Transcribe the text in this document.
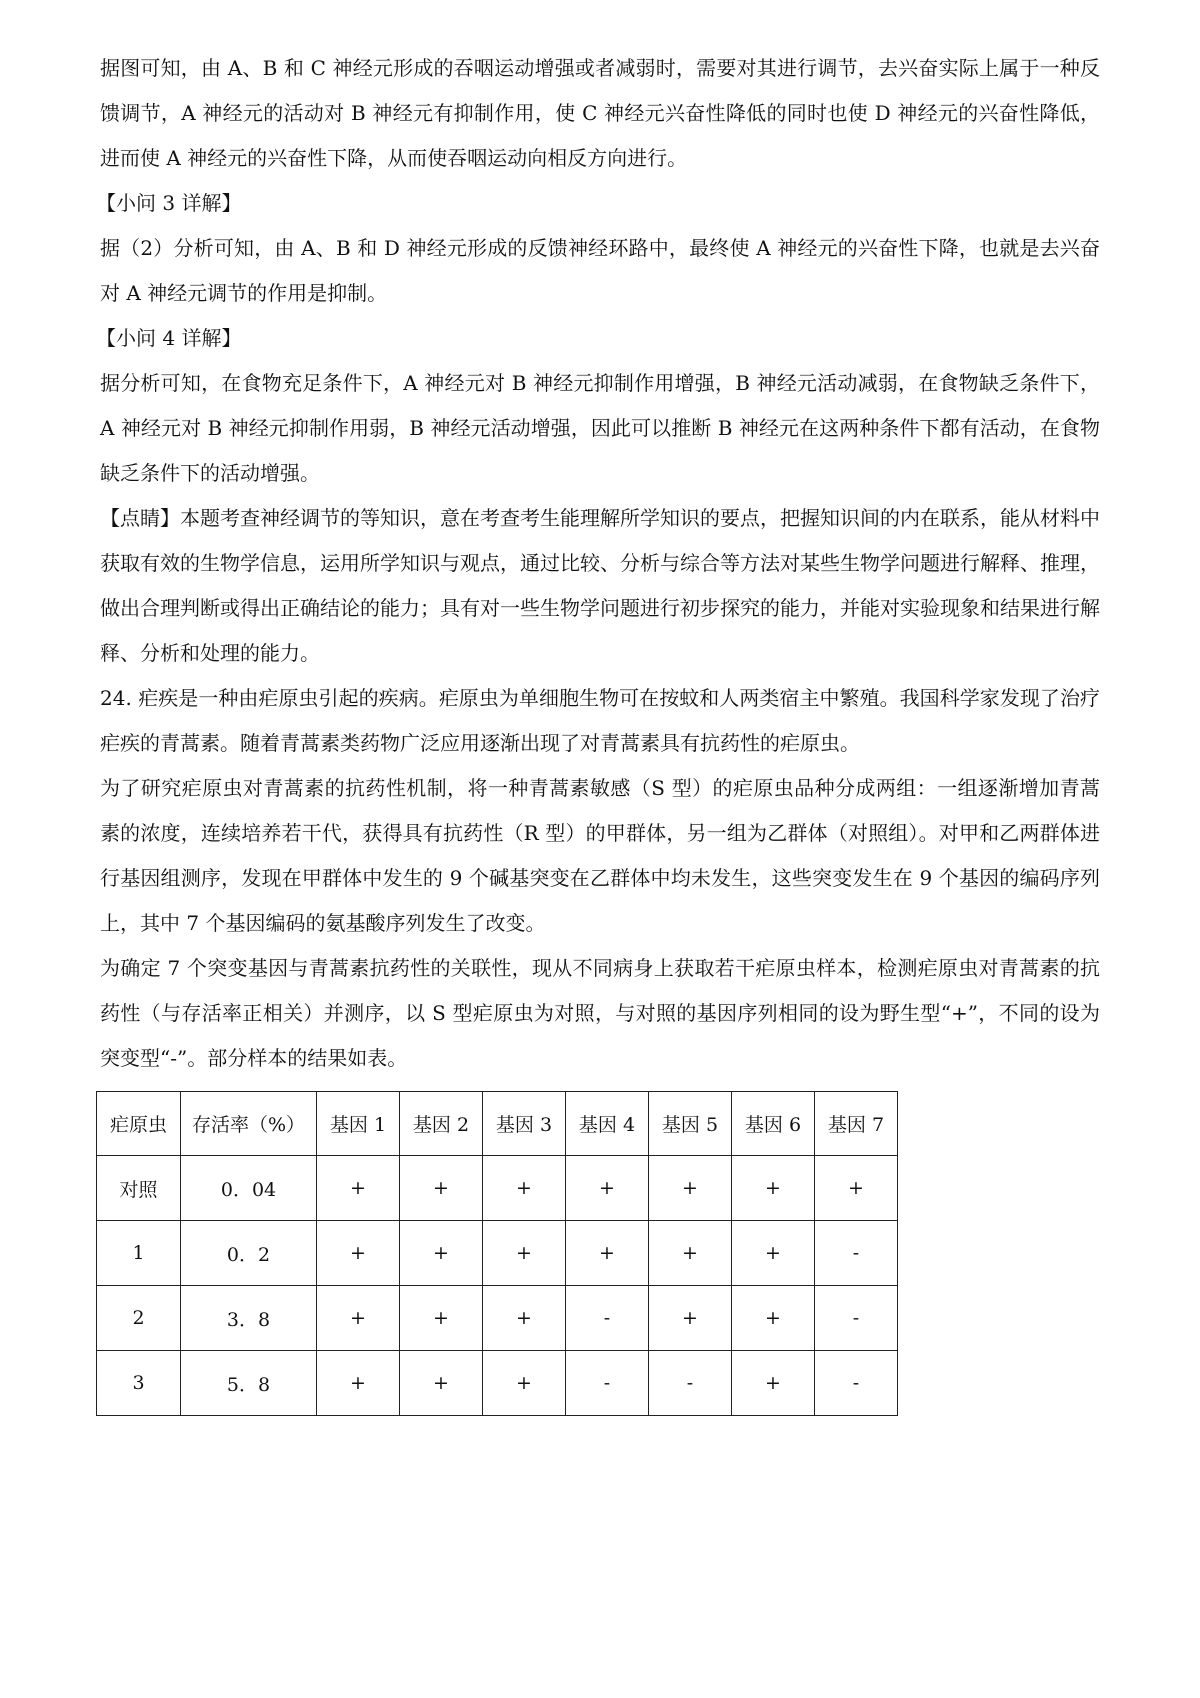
据图可知，由 A、B 和 C 神经元形成的吞咽运动增强或者减弱时，需要对其进行调节，去兴奋实际上属于一种反馈调节，A 神经元的活动对 B 神经元有抑制作用，使 C 神经元兴奋性降低的同时也使 D 神经元的兴奋性降低，进而使 A 神经元的兴奋性下降，从而使吞咽运动向相反方向进行。

【小问 3 详解】

据（2）分析可知，由 A、B 和 D 神经元形成的反馈神经环路中，最终使 A 神经元的兴奋性下降，也就是去兴奋对 A 神经元调节的作用是抑制。

【小问 4 详解】

据分析可知，在食物充足条件下，A 神经元对 B 神经元抑制作用增强，B 神经元活动减弱，在食物缺乏条件下，A 神经元对 B 神经元抑制作用弱，B 神经元活动增强，因此可以推断 B 神经元在这两种条件下都有活动，在食物缺乏条件下的活动增强。

【点睛】本题考查神经调节的等知识，意在考查考生能理解所学知识的要点，把握知识间的内在联系，能从材料中获取有效的生物学信息，运用所学知识与观点，通过比较、分析与综合等方法对某些生物学问题进行解释、推理，做出合理判断或得出正确结论的能力；具有对一些生物学问题进行初步探究的能力，并能对实验现象和结果进行解释、分析和处理的能力。

24. 疟疾是一种由疟原虫引起的疾病。疟原虫为单细胞生物可在按蚊和人两类宿主中繁殖。我国科学家发现了治疗疟疾的青蒿素。随着青蒿素类药物广泛应用逐渐出现了对青蒿素具有抗药性的疟原虫。

为了研究疟原虫对青蒿素的抗药性机制，将一种青蒿素敏感（S 型）的疟原虫品种分成两组：一组逐渐增加青蒿素的浓度，连续培养若干代，获得具有抗药性（R 型）的甲群体，另一组为乙群体（对照组）。对甲和乙两群体进行基因组测序，发现在甲群体中发生的 9 个碱基突变在乙群体中均未发生，这些突变发生在 9 个基因的编码序列上，其中 7 个基因编码的氨基酸序列发生了改变。

为确定 7 个突变基因与青蒿素抗药性的关联性，现从不同病身上获取若干疟原虫样本，检测疟原虫对青蒿素的抗药性（与存活率正相关）并测序，以 S 型疟原虫为对照，与对照的基因序列相同的设为野生型“+”，不同的设为突变型“-”。部分样本的结果如表。

疟原虫	存活率（%）	基因 1	基因 2	基因 3	基因 4	基因 5	基因 6	基因 7
对照	0．04	+	+	+	+	+	+	+
1	0．2	+	+	+	+	+	+	-
2	3．8	+	+	+	-	+	+	-
3	5．8	+	+	+	-	-	+	-
